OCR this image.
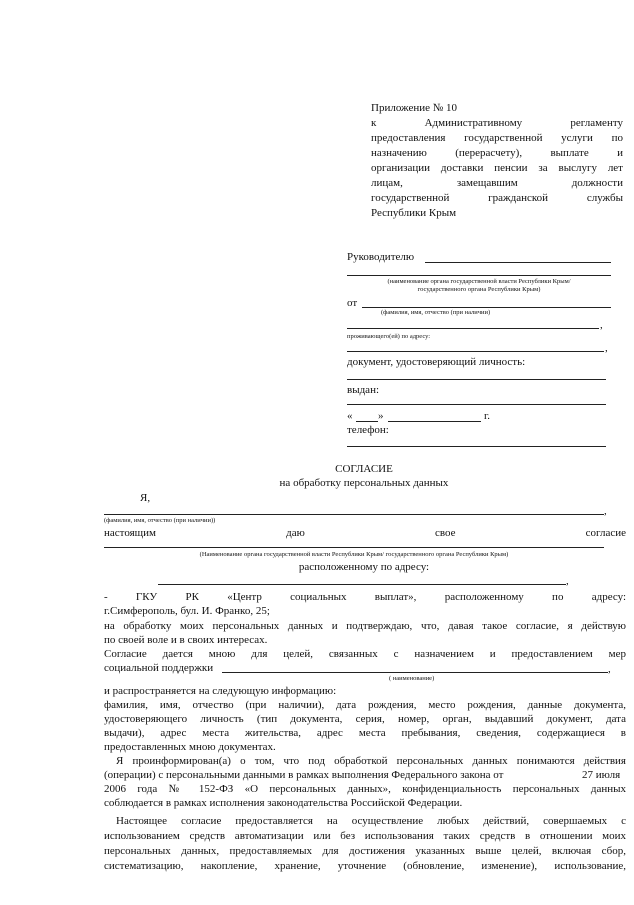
Приложение № 10
к Административному регламенту
предоставления государственной услуги по
назначению (перерасчету), выплате и
организации доставки пенсии за выслугу лет
лицам, замещавшим должности
государственной гражданской службы
Республики Крым
Руководителю
(наименование органа государственной власти Республики Крым/
государственного органа Республики Крым)
от
(фамилия, имя, отчество (при наличии)
,
проживающего(ей) по адресу:
,
документ, удостоверяющий личность:
выдан:
« »	г.
телефон:
СОГЛАСИЕ
на обработку персональных данных
Я,
,
(фамилия, имя, отчество (при наличии))
настоящим даю свое согласие
(Наименование органа государственной власти Республики Крым/ государственного органа Республики Крым)
расположенному по адресу:
,
- ГКУ РК «Центр социальных выплат», расположенному по адресу:
г.Симферополь, бул. И. Франко, 25;
на обработку моих персональных данных и подтверждаю, что, давая такое согласие, я действую
по своей воле и в своих интересах.
Согласие дается мною для целей, связанных с назначением и предоставлением мер
социальной поддержки	,
( наименование)
и распространяется на следующую информацию:
фамилия, имя, отчество (при наличии), дата рождения, место рождения, данные документа,
удостоверяющего личность (тип документа, серия, номер, орган, выдавший документ, дата
выдачи), адрес места жительства, адрес места пребывания, сведения, содержащиеся в
предоставленных мною документах.
Я проинформирован(а) о том, что под обработкой персональных данных понимаются действия
(операции) с персональными данными в рамках выполнения Федерального закона от	27 июля
2006 года № 152-ФЗ «О персональных данных», конфиденциальность персональных данных
соблюдается в рамках исполнения законодательства Российской Федерации.
Настоящее согласие предоставляется на осуществление любых действий, совершаемых с
использованием средств автоматизации или без использования таких средств в отношении моих
персональных данных, предоставляемых для достижения указанных выше целей, включая сбор,
систематизацию, накопление, хранение, уточнение (обновление, изменение), использование,
